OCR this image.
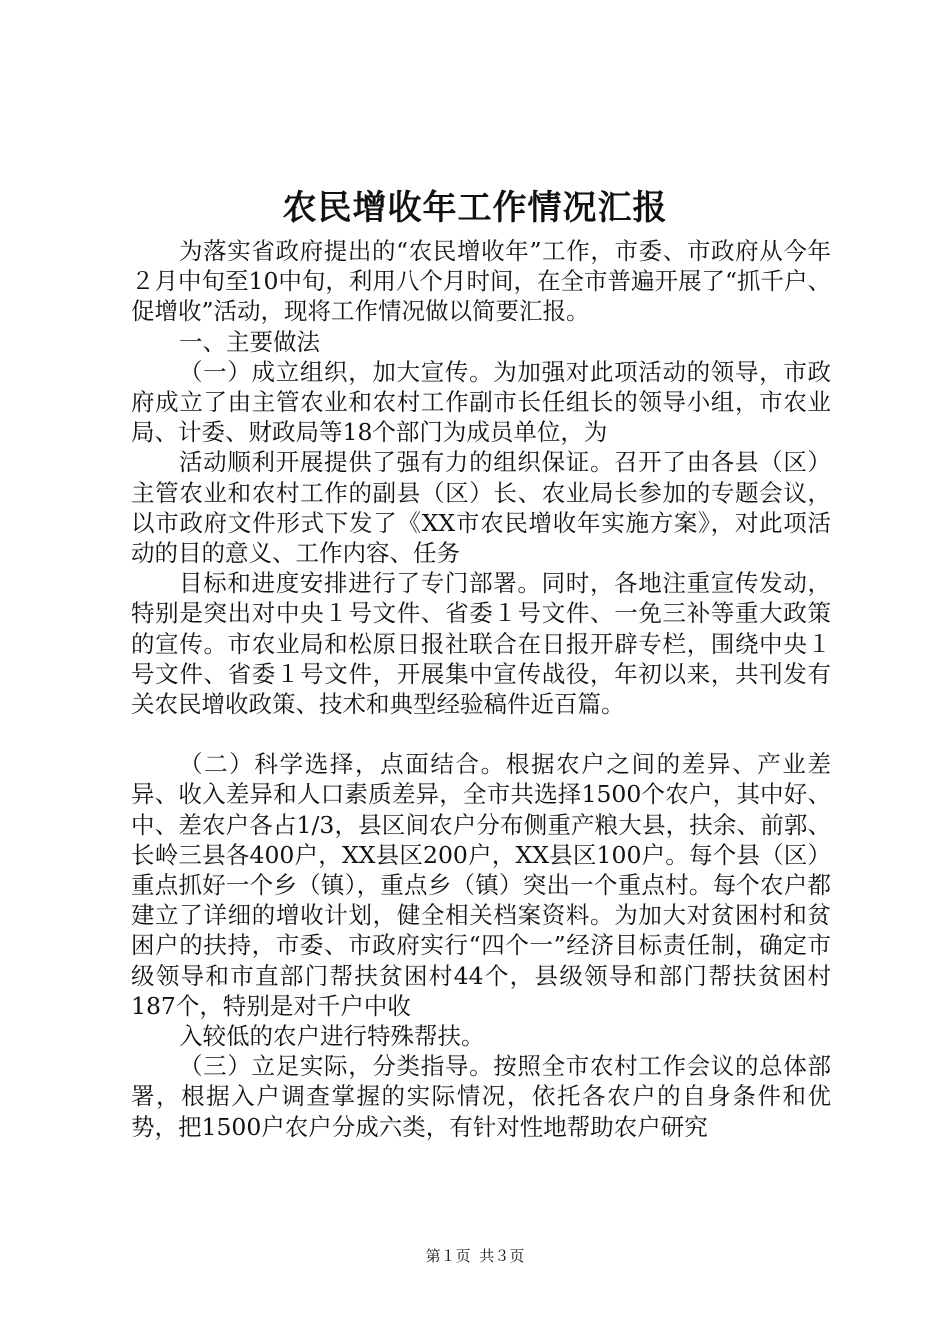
农民增收年工作情况汇报

为落实省政府提出的“农民增收年”工作，市委、市政府从今年２月中旬至10中旬，利用八个月时间，在全市普遍开展了“抓千户、促增收”活动，现将工作情况做以简要汇报。

一、主要做法

（一）成立组织，加大宣传。为加强对此项活动的领导，市政府成立了由主管农业和农村工作副市长任组长的领导小组，市农业局、计委、财政局等18个部门为成员单位，为

活动顺利开展提供了强有力的组织保证。召开了由各县（区）主管农业和农村工作的副县（区）长、农业局长参加的专题会议，以市政府文件形式下发了《XX市农民增收年实施方案》，对此项活动的目的意义、工作内容、任务

目标和进度安排进行了专门部署。同时，各地注重宣传发动，特别是突出对中央１号文件、省委１号文件、一免三补等重大政策的宣传。市农业局和松原日报社联合在日报开辟专栏，围绕中央１号文件、省委１号文件，开展集中宣传战役，年初以来，共刊发有关农民增收政策、技术和典型经验稿件近百篇。

（二）科学选择，点面结合。根据农户之间的差异、产业差异、收入差异和人口素质差异，全市共选择1500个农户，其中好、中、差农户各占1/3，县区间农户分布侧重产粮大县，扶余、前郭、长岭三县各400户，XX县区200户，XX县区100户。每个县（区）重点抓好一个乡（镇），重点乡（镇）突出一个重点村。每个农户都建立了详细的增收计划，健全相关档案资料。为加大对贫困村和贫困户的扶持，市委、市政府实行“四个一”经济目标责任制，确定市级领导和市直部门帮扶贫困村44个，县级领导和部门帮扶贫困村187个，特别是对千户中收

入较低的农户进行特殊帮扶。

（三）立足实际，分类指导。按照全市农村工作会议的总体部署，根据入户调查掌握的实际情况，依托各农户的自身条件和优势，把1500户农户分成六类，有针对性地帮助农户研究

第１页 共３页
